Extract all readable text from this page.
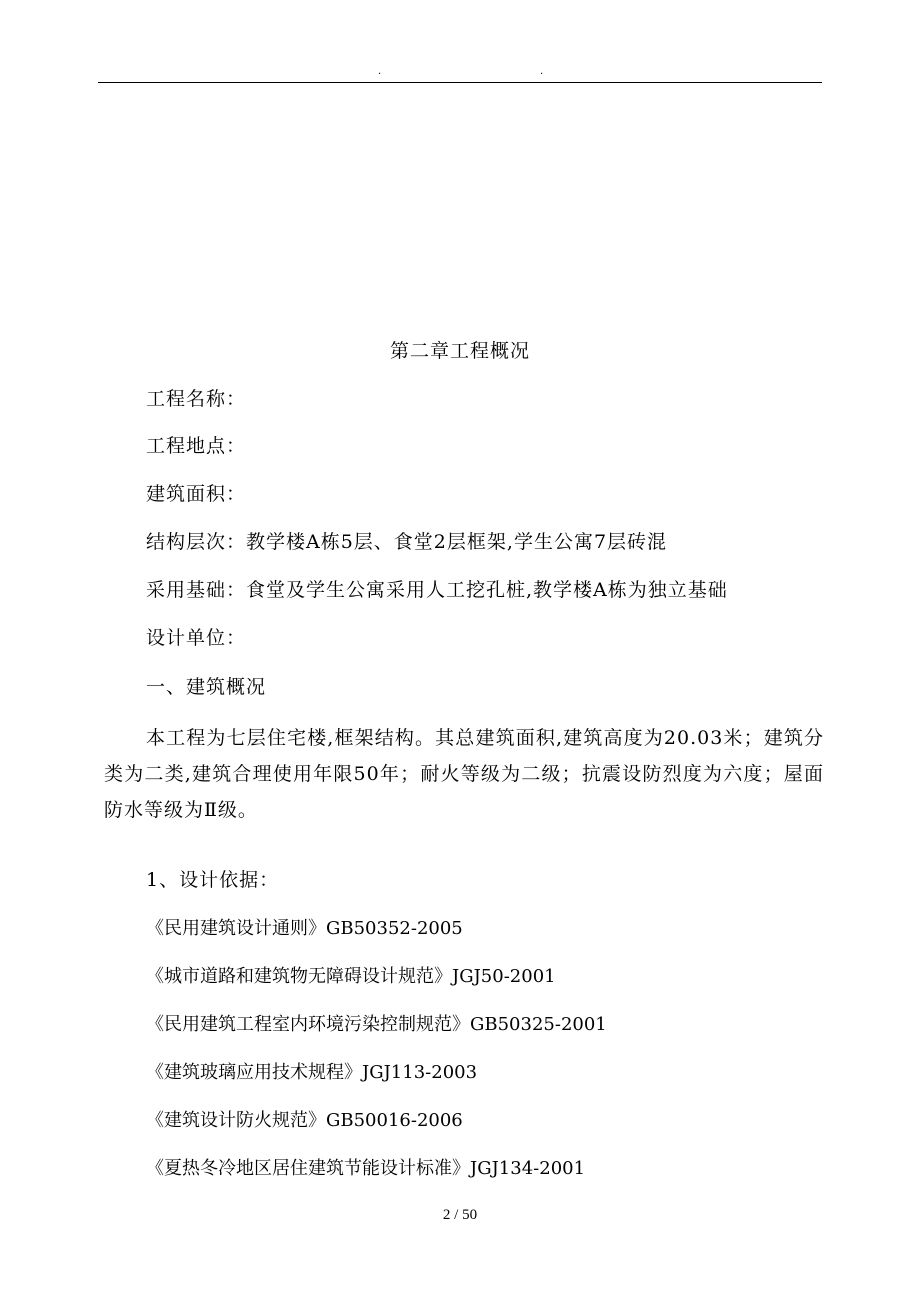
.	.
第二章工程概况
工程名称：
工程地点：
建筑面积：
结构层次：教学楼A栋5层、食堂2层框架,学生公寓7层砖混
采用基础：食堂及学生公寓采用人工挖孔桩,教学楼A栋为独立基础
设计单位：
一、建筑概况

本工程为七层住宅楼,框架结构。其总建筑面积,建筑高度为20.03米；建筑分类为二类,建筑合理使用年限50年；耐火等级为二级；抗震设防烈度为六度；屋面防水等级为Ⅱ级。

1、设计依据：
《民用建筑设计通则》GB50352-2005
《城市道路和建筑物无障碍设计规范》JGJ50-2001
《民用建筑工程室内环境污染控制规范》GB50325-2001
《建筑玻璃应用技术规程》JGJ113-2003
《建筑设计防火规范》GB50016-2006
《夏热冬冷地区居住建筑节能设计标准》JGJ134-2001
2 / 50
